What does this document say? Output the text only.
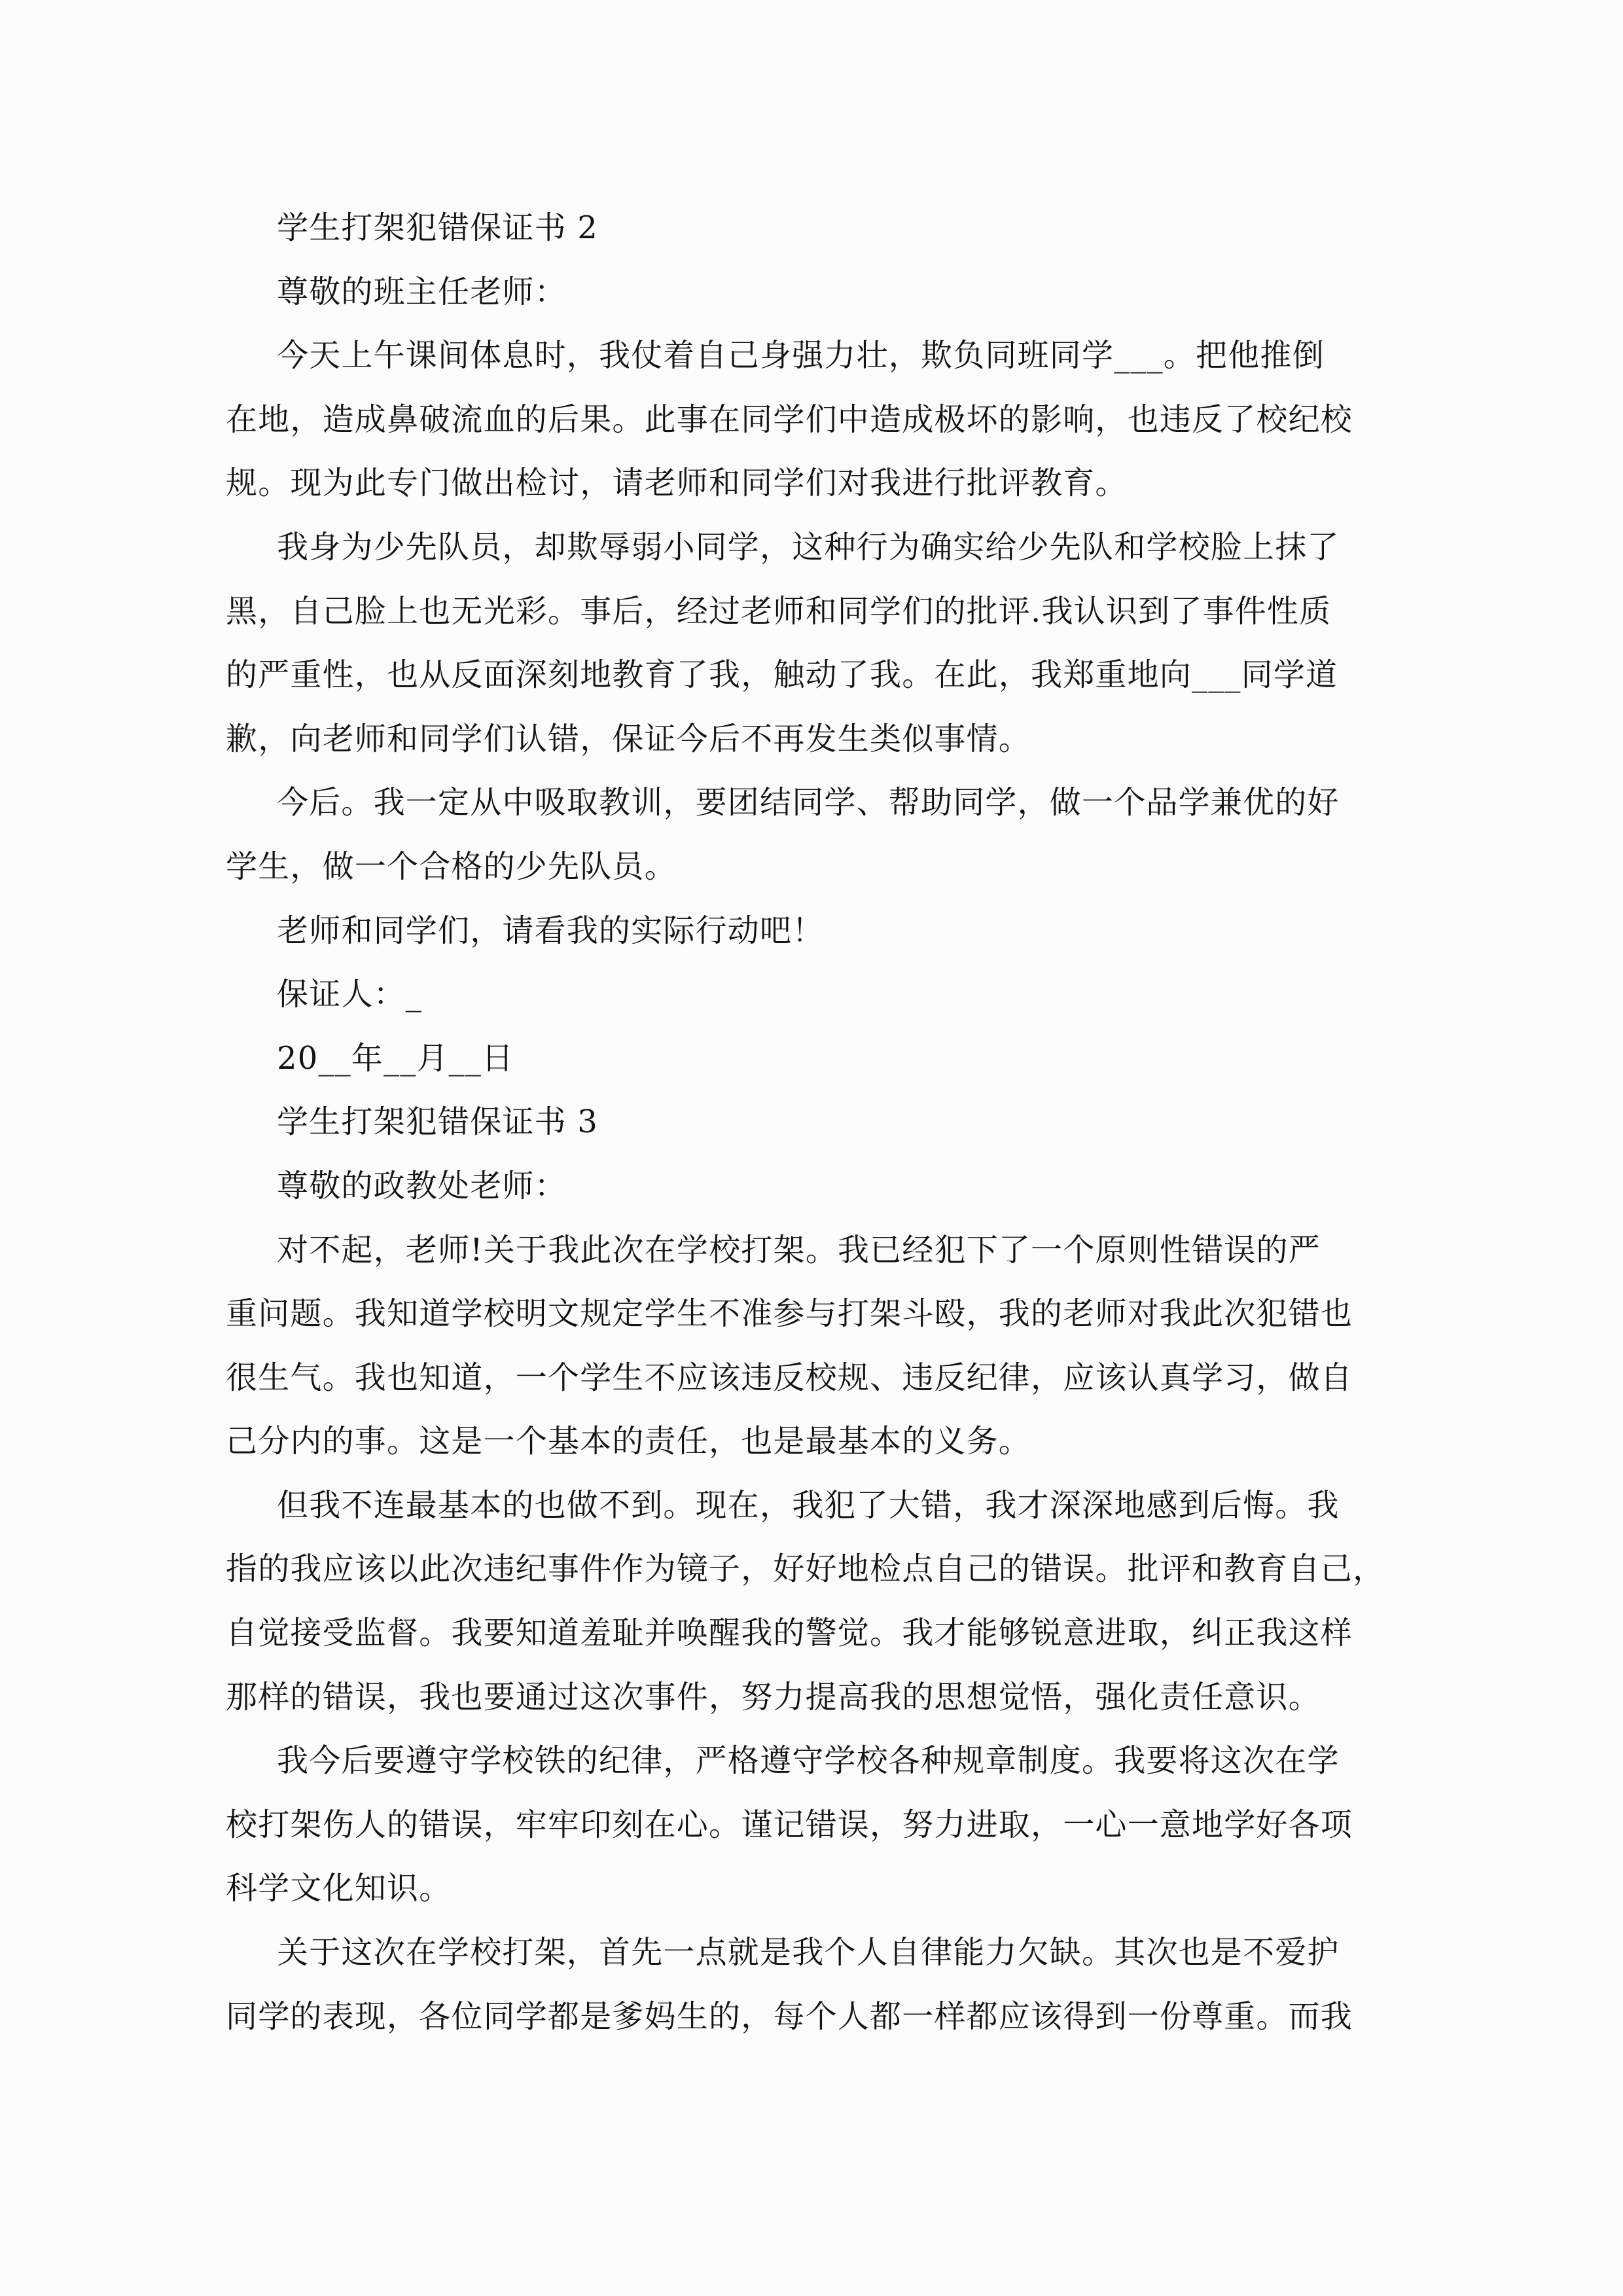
学生打架犯错保证书 2
尊敬的班主任老师：
今天上午课间体息时，我仗着自己身强力壮，欺负同班同学___。把他推倒
在地，造成鼻破流血的后果。此事在同学们中造成极坏的影响，也违反了校纪校
规。现为此专门做出检讨，请老师和同学们对我进行批评教育。
我身为少先队员，却欺辱弱小同学，这种行为确实给少先队和学校脸上抹了
黑，自己脸上也无光彩。事后，经过老师和同学们的批评.我认识到了事件性质
的严重性，也从反面深刻地教育了我，触动了我。在此，我郑重地向___同学道
歉，向老师和同学们认错，保证今后不再发生类似事情。
今后。我一定从中吸取教训，要团结同学、帮助同学，做一个品学兼优的好
学生，做一个合格的少先队员。
老师和同学们，请看我的实际行动吧！
保证人：_
20__年__月__日
学生打架犯错保证书 3
尊敬的政教处老师：
对不起，老师!关于我此次在学校打架。我已经犯下了一个原则性错误的严
重问题。我知道学校明文规定学生不准参与打架斗殴，我的老师对我此次犯错也
很生气。我也知道，一个学生不应该违反校规、违反纪律，应该认真学习，做自
己分内的事。这是一个基本的责任，也是最基本的义务。
但我不连最基本的也做不到。现在，我犯了大错，我才深深地感到后悔。我
指的我应该以此次违纪事件作为镜子，好好地检点自己的错误。批评和教育自己，
自觉接受监督。我要知道羞耻并唤醒我的警觉。我才能够锐意进取，纠正我这样
那样的错误，我也要通过这次事件，努力提高我的思想觉悟，强化责任意识。
我今后要遵守学校铁的纪律，严格遵守学校各种规章制度。我要将这次在学
校打架伤人的错误，牢牢印刻在心。谨记错误，努力进取，一心一意地学好各项
科学文化知识。
关于这次在学校打架，首先一点就是我个人自律能力欠缺。其次也是不爱护
同学的表现，各位同学都是爹妈生的，每个人都一样都应该得到一份尊重。而我
